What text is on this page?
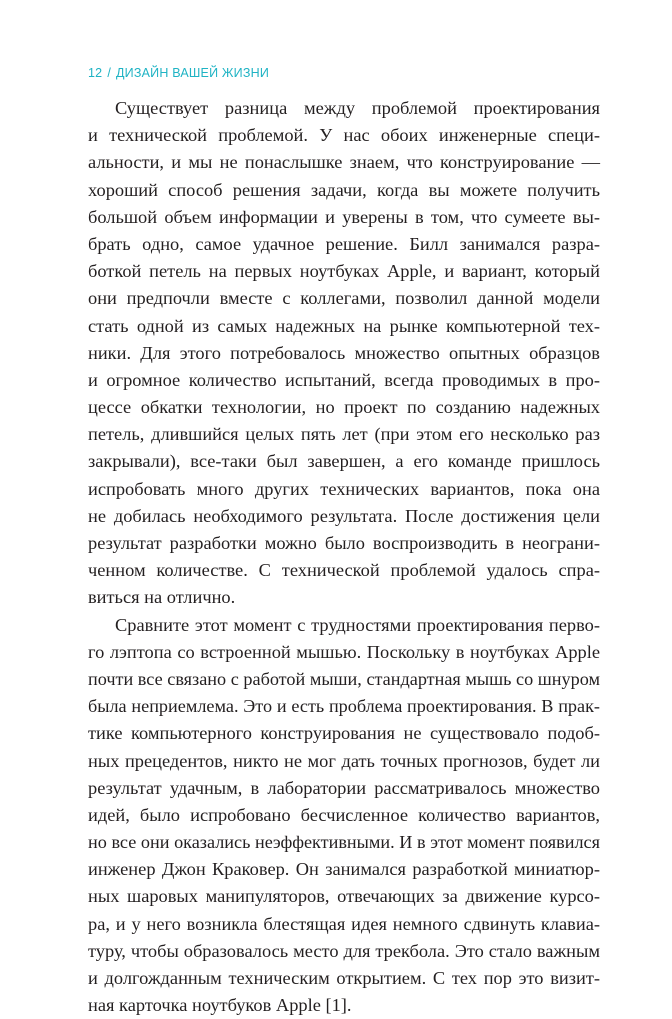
12 / ДИЗАЙН ВАШЕЙ ЖИЗНИ
Существует разница между проблемой проектирования
и технической проблемой. У нас обоих инженерные специ-
альности, и мы не понаслышке знаем, что конструирование —
хороший способ решения задачи, когда вы можете получить
большой объем информации и уверены в том, что сумеете вы-
брать одно, самое удачное решение. Билл занимался разра-
боткой петель на первых ноутбуках Apple, и вариант, который
они предпочли вместе с коллегами, позволил данной модели
стать одной из самых надежных на рынке компьютерной тех-
ники. Для этого потребовалось множество опытных образцов
и огромное количество испытаний, всегда проводимых в про-
цессе обкатки технологии, но проект по созданию надежных
петель, длившийся целых пять лет (при этом его несколько раз
закрывали), все-таки был завершен, а его команде пришлось
испробовать много других технических вариантов, пока она
не добилась необходимого результата. После достижения цели
результат разработки можно было воспроизводить в неограни-
ченном количестве. С технической проблемой удалось спра-
виться на отлично.
Сравните этот момент с трудностями проектирования перво-
го лэптопа со встроенной мышью. Поскольку в ноутбуках Apple
почти все связано с работой мыши, стандартная мышь со шнуром
была неприемлема. Это и есть проблема проектирования. В прак-
тике компьютерного конструирования не существовало подоб-
ных прецедентов, никто не мог дать точных прогнозов, будет ли
результат удачным, в лаборатории рассматривалось множество
идей, было испробовано бесчисленное количество вариантов,
но все они оказались неэффективными. И в этот момент появился
инженер Джон Краковер. Он занимался разработкой миниатюр-
ных шаровых манипуляторов, отвечающих за движение курсо-
ра, и у него возникла блестящая идея немного сдвинуть клавиа-
туру, чтобы образовалось место для трекбола. Это стало важным
и долгожданным техническим открытием. С тех пор это визит-
ная карточка ноутбуков Apple [1].
